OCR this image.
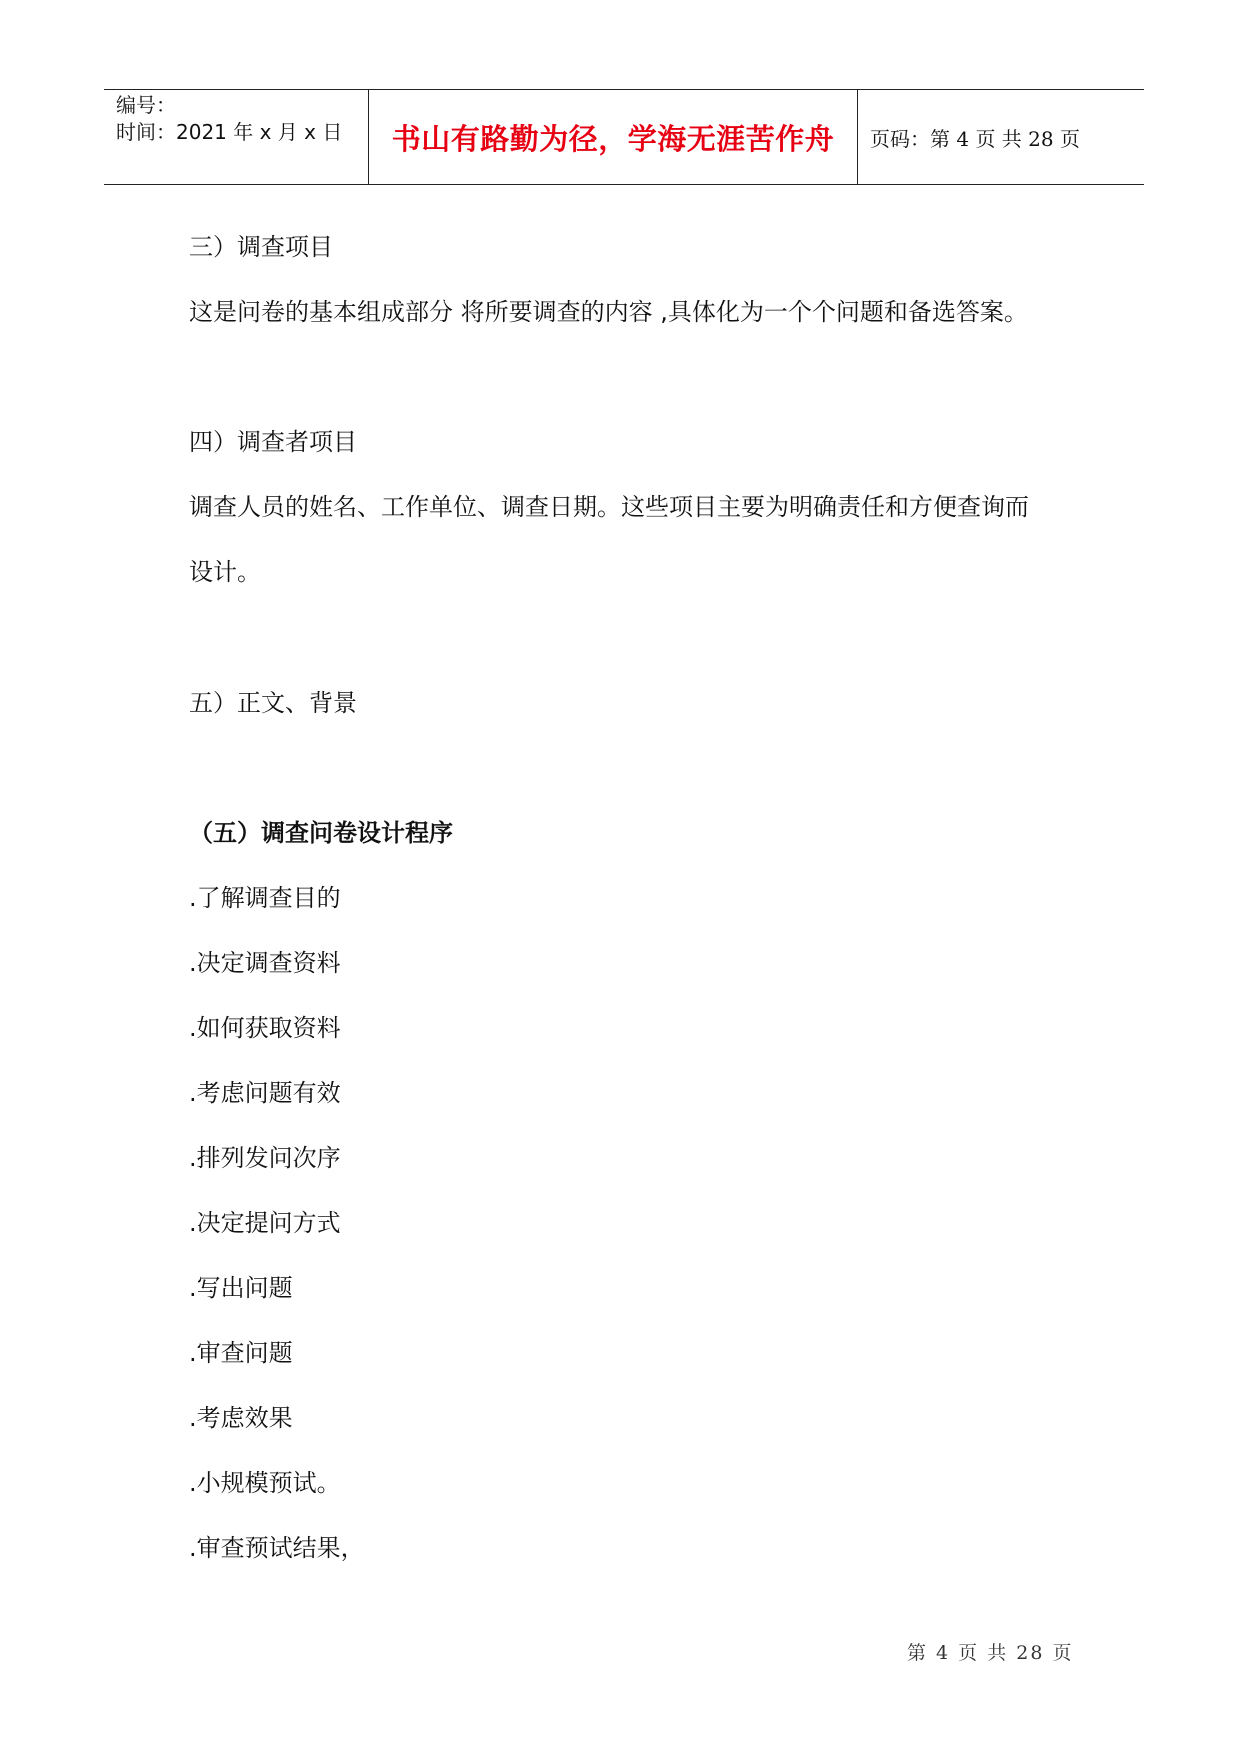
编号：
时间：2021 年 x 月 x 日 书山有路勤为径，学海无涯苦作舟 页码：第 4 页 共 28 页
三）调查项目
这是问卷的基本组成部分 将所要调查的内容 ,具体化为一个个问题和备选答案。
四）调查者项目
调查人员的姓名、工作单位、调查日期。这些项目主要为明确责任和方便查询而
设计。
五）正文、背景
（五）调查问卷设计程序
.了解调查目的
.决定调查资料
.如何获取资料
.考虑问题有效
.排列发问次序
.决定提问方式
.写出问题
.审查问题
.考虑效果
.小规模预试。
.审查预试结果，
第 4 页 共 28 页
